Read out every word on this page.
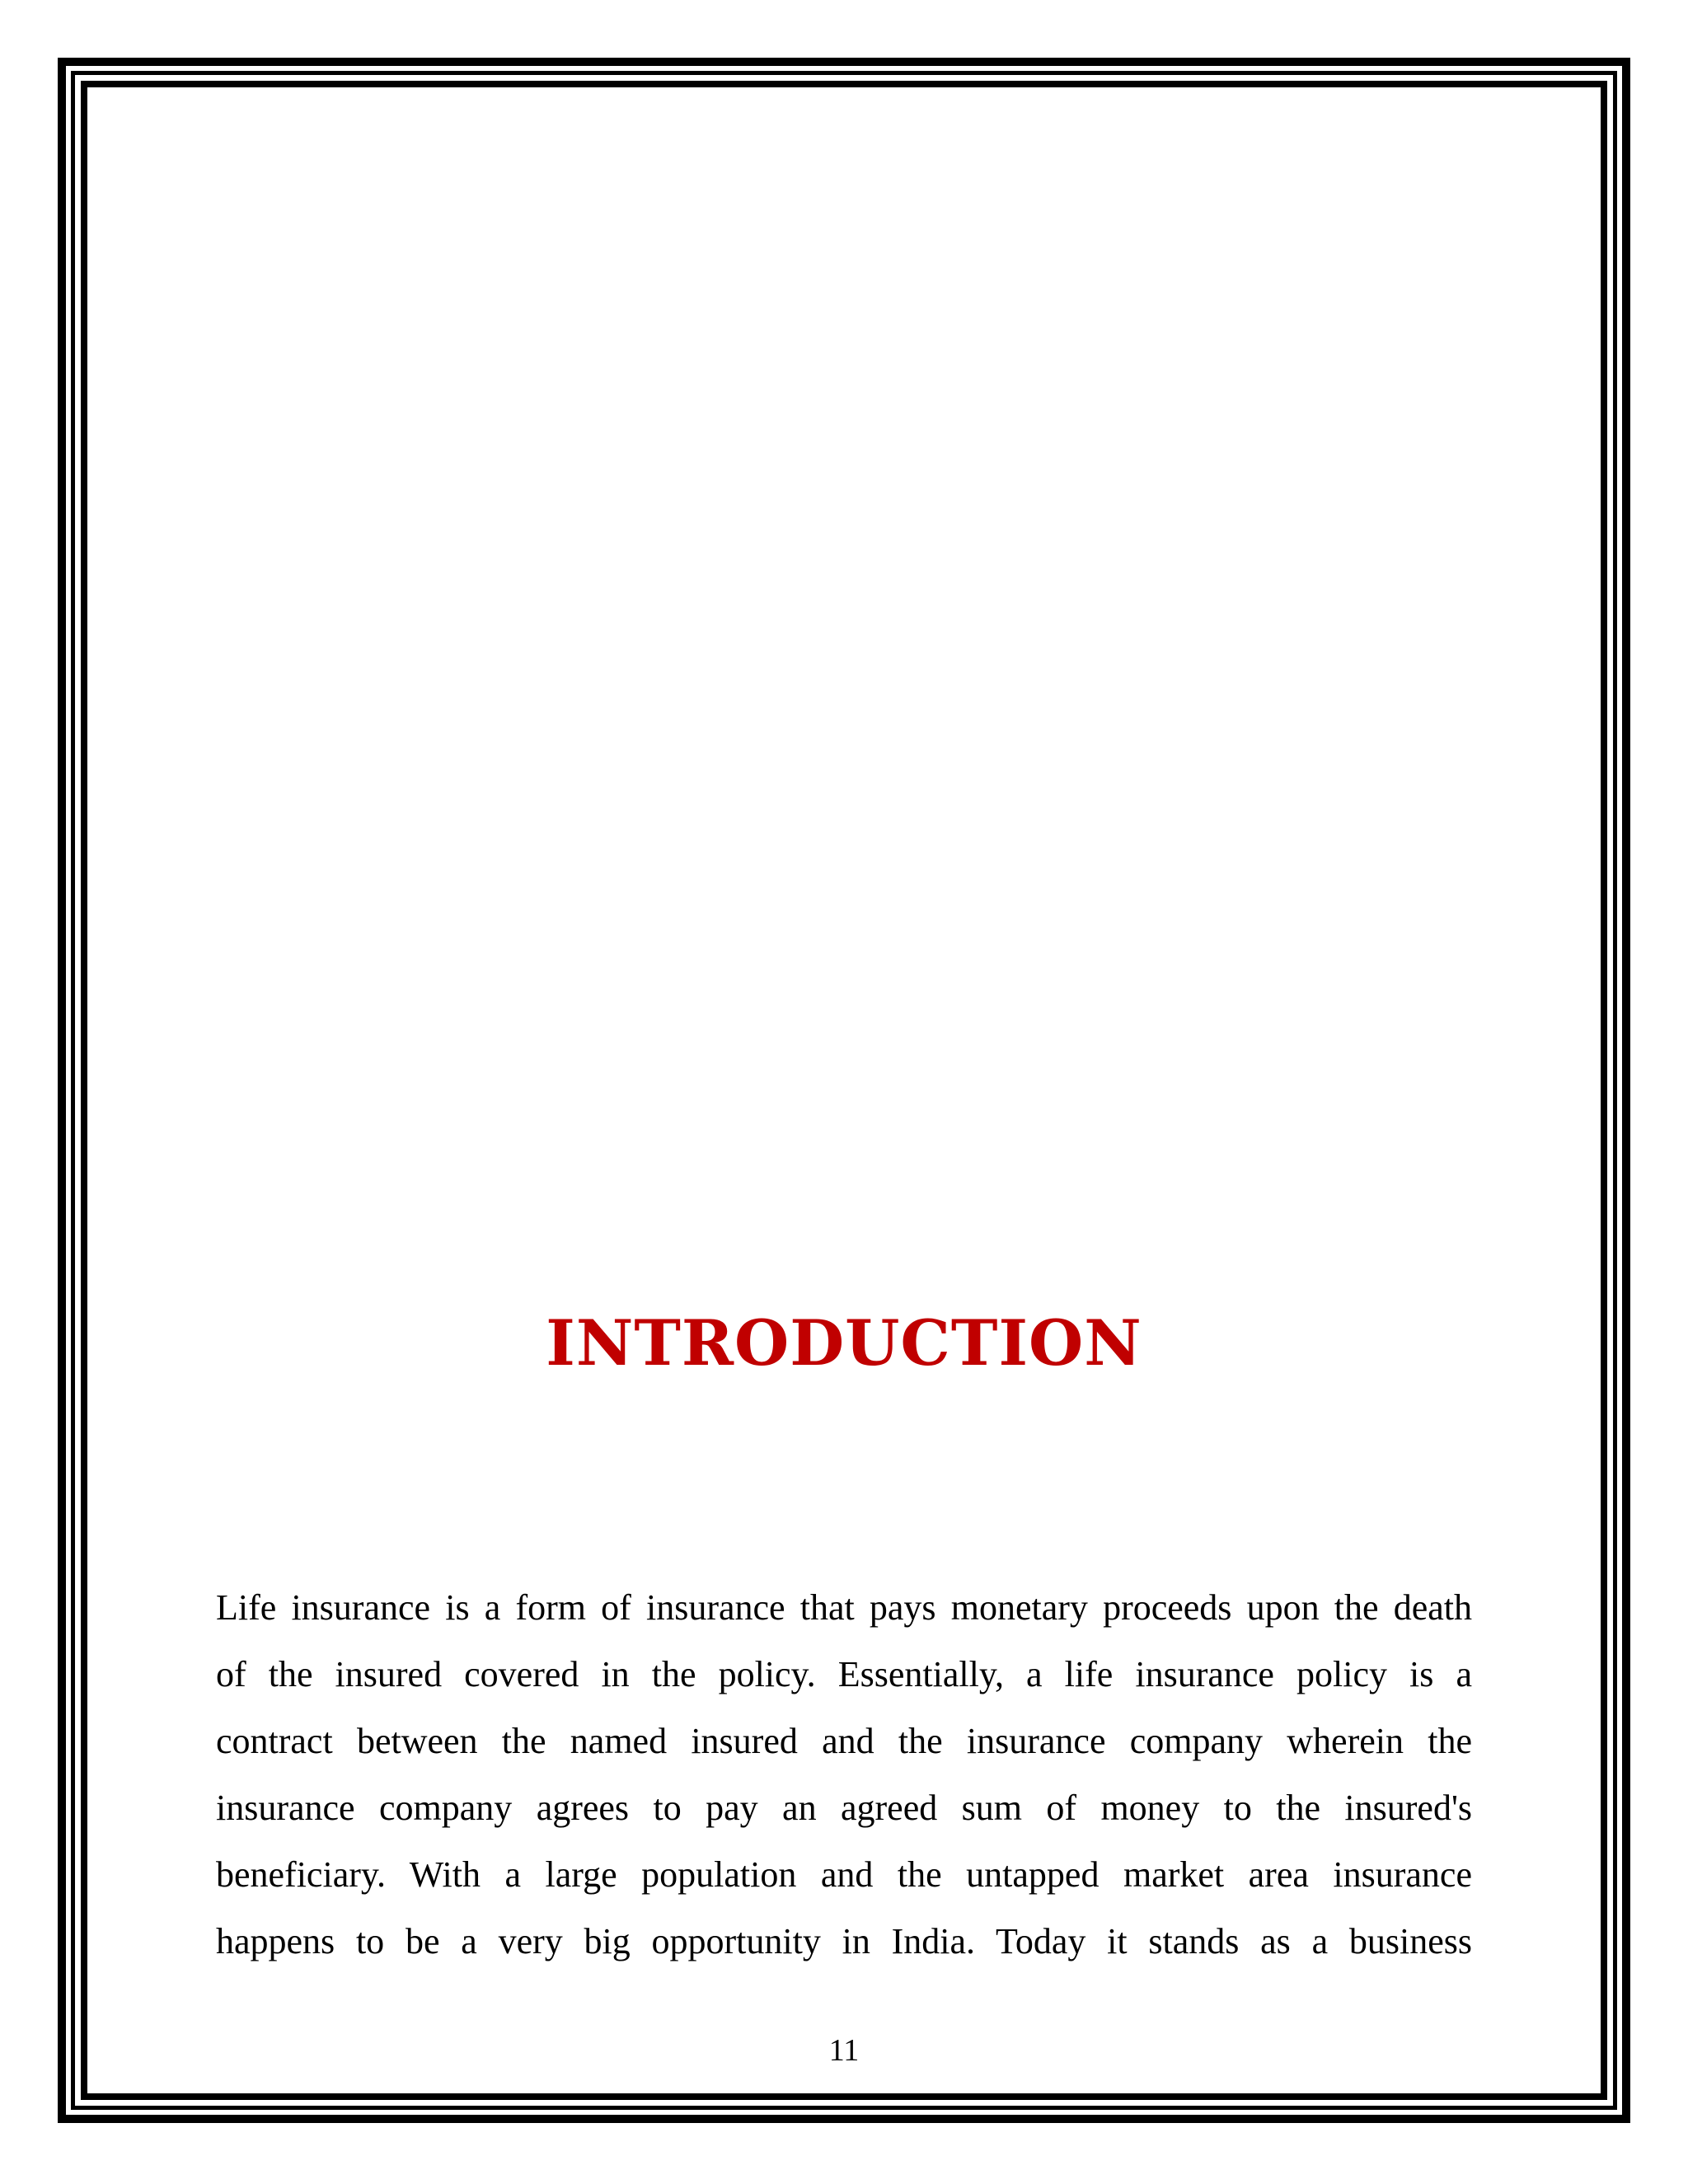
INTRODUCTION
Life insurance is a form of insurance that pays monetary proceeds upon the death
of the insured covered in the policy. Essentially, a life insurance policy is a
contract between the named insured and the insurance company wherein the
insurance company agrees to pay an agreed sum of money to the insured's
beneficiary. With a large population and the untapped market area insurance
happens to be a very big opportunity in India. Today it stands as a business
11
